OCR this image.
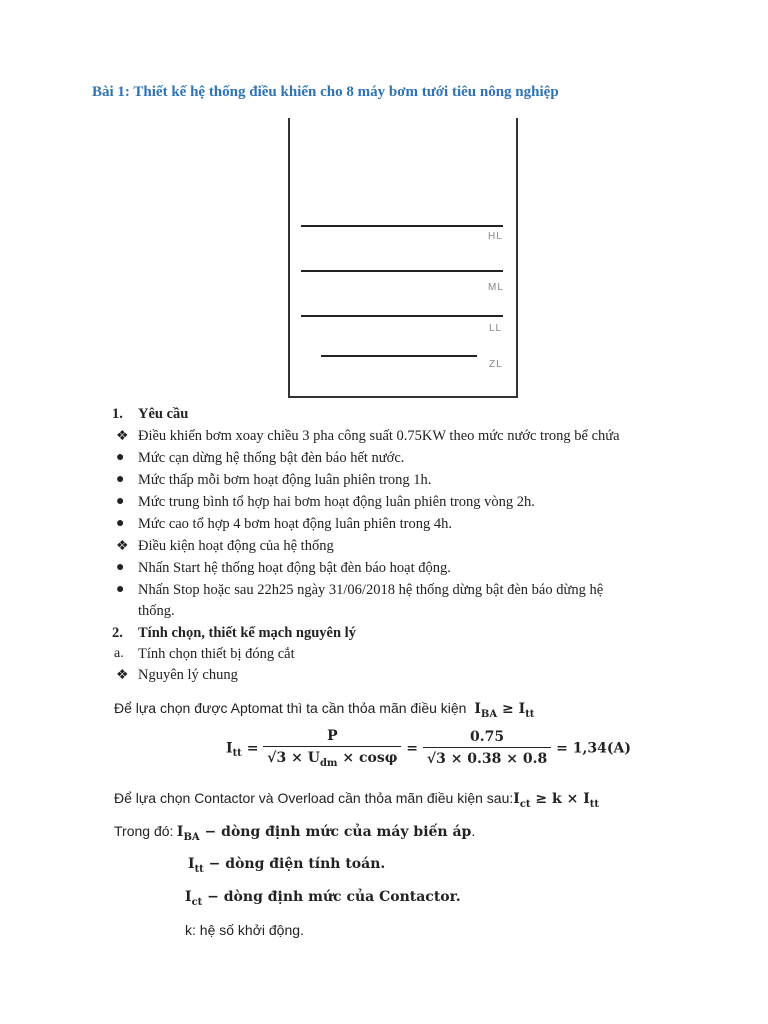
Bài 1: Thiết kế hệ thống điều khiển cho 8 máy bơm tưới tiêu nông nghiệp
HL
ML
LL
ZL
1. Yêu cầu
❖ Điều khiển bơm xoay chiều 3 pha công suất 0.75KW theo mức nước trong bể chứa
● Mức cạn dừng hệ thống bật đèn báo hết nước.
● Mức thấp mỗi bơm hoạt động luân phiên trong 1h.
● Mức trung bình tổ hợp hai bơm hoạt động luân phiên trong vòng 2h.
● Mức cao tổ hợp 4 bơm hoạt động luân phiên trong 4h.
❖ Điều kiện hoạt động của hệ thống
● Nhấn Start hệ thống hoạt động bật đèn báo hoạt động.
● Nhấn Stop hoặc sau 22h25 ngày 31/06/2018 hệ thống dừng bật đèn báo dừng hệ
thống.
2. Tính chọn, thiết kế mạch nguyên lý
a. Tính chọn thiết bị đóng cắt
❖ Nguyên lý chung
Để lựa chọn được Aptomat thì ta cần thỏa mãn điều kiện $I_{BA} \ge I_{tt}$
$I_{tt} = \frac{P}{√3 \times U_{dm} \times \cos\varphi} = \frac{0.75}{√3 \times 0.38 \times 0.8} = 1,34(A)$
Để lựa chọn Contactor và Overload cần thỏa mãn điều kiện $sau:I_{ct} \ge k \times I_{tt}$
Trong đó: $I_{BA}$ − dòng định mức của máy biến áp.
$I_{tt}$ − dòng điện tính toán.
$I_{ct}$ − dòng định mức của Contactor.
k: hệ số khởi động.
